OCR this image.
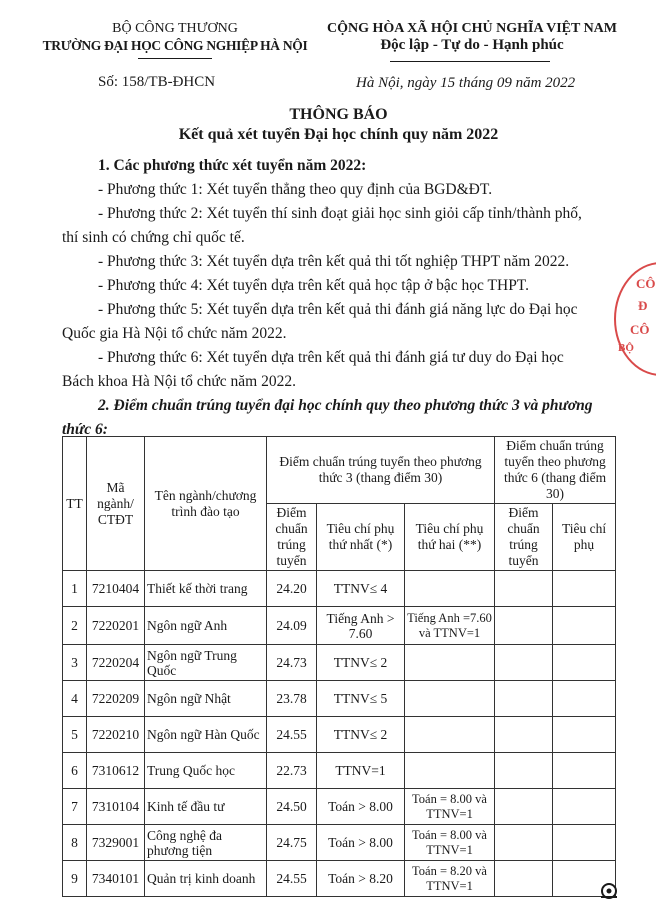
BỘ CÔNG THƯƠNG
TRƯỜNG ĐẠI HỌC CÔNG NGHIỆP HÀ NỘI
Số: 158/TB-ĐHCN
CỘNG HÒA XÃ HỘI CHỦ NGHĨA VIỆT NAM
Độc lập - Tự do - Hạnh phúc
Hà Nội, ngày 15 tháng 09 năm 2022
THÔNG BÁO
Kết quả xét tuyển Đại học chính quy năm 2022
1. Các phương thức xét tuyển năm 2022:
- Phương thức 1: Xét tuyển thẳng theo quy định của BGD&ĐT.
- Phương thức 2: Xét tuyển thí sinh đoạt giải học sinh giỏi cấp tỉnh/thành phố, thí sinh có chứng chỉ quốc tế.
- Phương thức 3: Xét tuyển dựa trên kết quả thi tốt nghiệp THPT năm 2022.
- Phương thức 4: Xét tuyển dựa trên kết quả học tập ở bậc học THPT.
- Phương thức 5: Xét tuyển dựa trên kết quả thi đánh giá năng lực do Đại học Quốc gia Hà Nội tổ chức năm 2022.
- Phương thức 6: Xét tuyển dựa trên kết quả thi đánh giá tư duy do Đại học Bách khoa Hà Nội tổ chức năm 2022.
2. Điểm chuẩn trúng tuyển đại học chính quy theo phương thức 3 và phương thức 6:
CÔ
Đ
CÔ
BỘ
TT	Mã ngành/ CTĐT	Tên ngành/chương trình đào tạo	Điểm chuẩn trúng tuyển theo phương thức 3 (thang điểm 30)			Điểm chuẩn trúng tuyển theo phương thức 6 (thang điểm 30)	
			Điểm chuẩn trúng tuyển	Tiêu chí phụ thứ nhất (*)	Tiêu chí phụ thứ hai (**)	Điểm chuẩn trúng tuyển	Tiêu chí phụ
1	7210404	Thiết kế thời trang	24.20	TTNV≤ 4			
2	7220201	Ngôn ngữ Anh	24.09	Tiếng Anh > 7.60	Tiếng Anh =7.60 và TTNV=1		
3	7220204	Ngôn ngữ Trung Quốc	24.73	TTNV≤ 2			
4	7220209	Ngôn ngữ Nhật	23.78	TTNV≤ 5			
5	7220210	Ngôn ngữ Hàn Quốc	24.55	TTNV≤ 2			
6	7310612	Trung Quốc học	22.73	TTNV=1			
7	7310104	Kinh tế đầu tư	24.50	Toán > 8.00	Toán = 8.00 và TTNV=1		
8	7329001	Công nghệ đa phương tiện	24.75	Toán > 8.00	Toán = 8.00 và TTNV=1		
9	7340101	Quản trị kinh doanh	24.55	Toán > 8.20	Toán = 8.20 và TTNV=1		
